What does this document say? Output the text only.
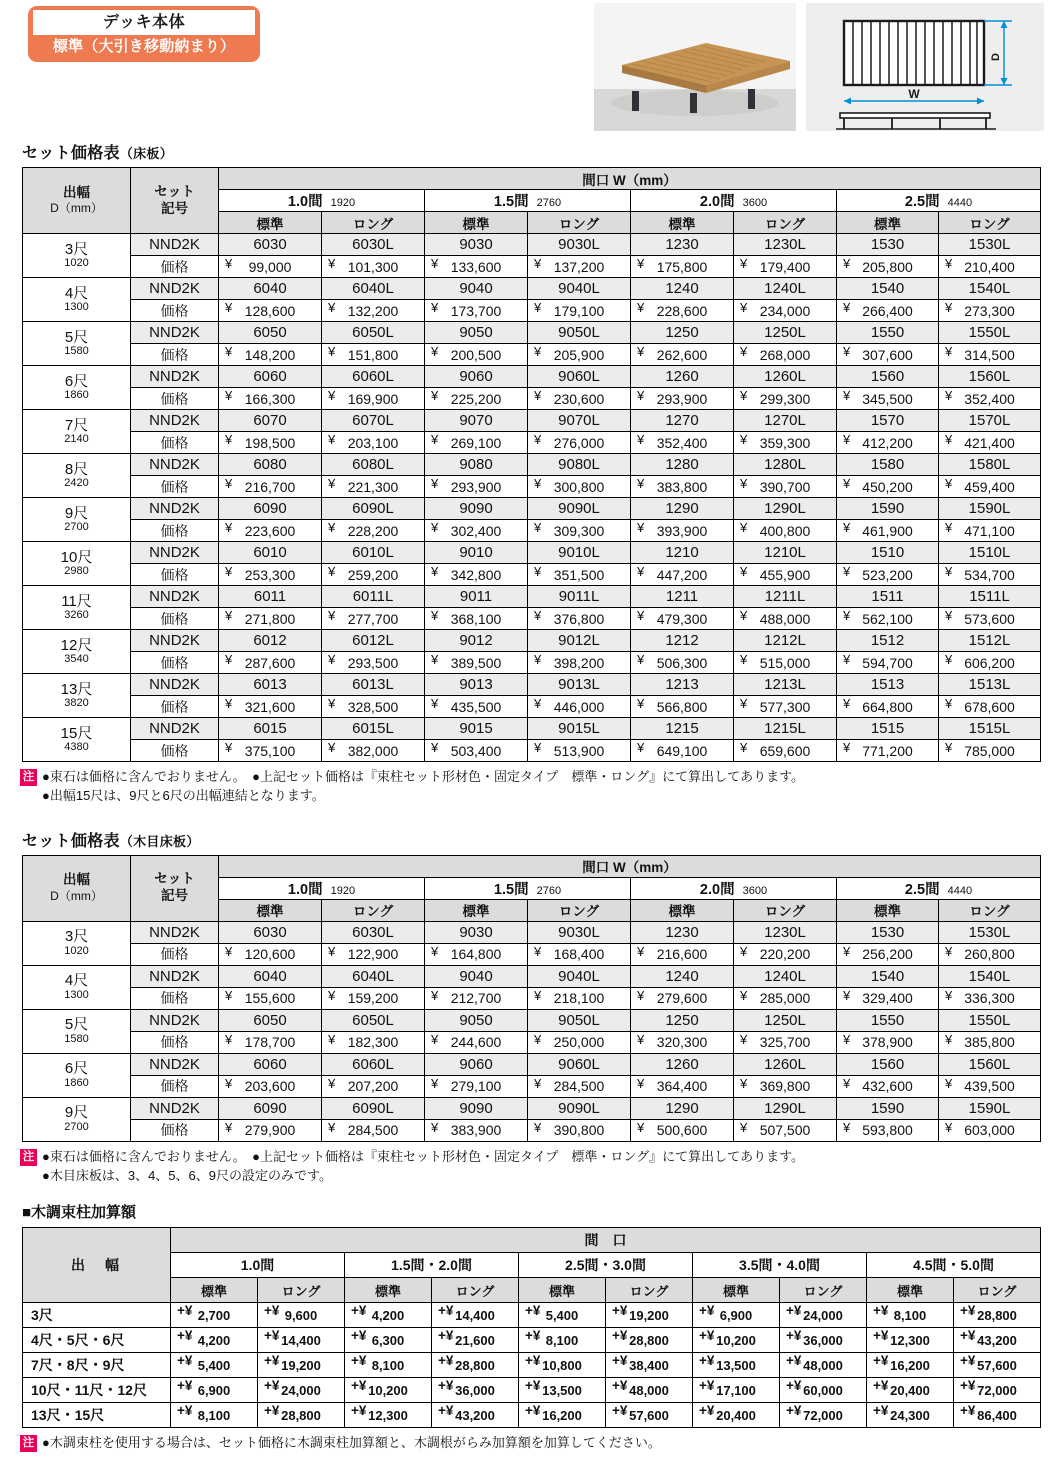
デッキ本体
標準（大引き移動納まり）
D
W
セット価格表（床板）
出幅
D（mm）

セット
記号
	間口 W（mm）
		1.0間 1920		1.5間 2760		2.0間 3600		2.5間 4440	
		標準	ロング	標準	ロング	標準	ロング	標準	ロング
3尺
1020	NND2K	6030	6030L	9030	9030L	1230	1230L	1530	1530L
	価格	¥ 99,000	¥ 101,300	¥ 133,600	¥ 137,200	¥ 175,800	¥ 179,400	¥ 205,800	¥ 210,400
4尺
1300	NND2K	6040	6040L	9040	9040L	1240	1240L	1540	1540L
	価格	¥ 128,600	¥ 132,200	¥ 173,700	¥ 179,100	¥ 228,600	¥ 234,000	¥ 266,400	¥ 273,300
5尺
1580	NND2K	6050	6050L	9050	9050L	1250	1250L	1550	1550L
	価格	¥ 148,200	¥ 151,800	¥ 200,500	¥ 205,900	¥ 262,600	¥ 268,000	¥ 307,600	¥ 314,500
6尺
1860	NND2K	6060	6060L	9060	9060L	1260	1260L	1560	1560L
	価格	¥ 166,300	¥ 169,900	¥ 225,200	¥ 230,600	¥ 293,900	¥ 299,300	¥ 345,500	¥ 352,400
7尺
2140	NND2K	6070	6070L	9070	9070L	1270	1270L	1570	1570L
	価格	¥ 198,500	¥ 203,100	¥ 269,100	¥ 276,000	¥ 352,400	¥ 359,300	¥ 412,200	¥ 421,400
8尺
2420	NND2K	6080	6080L	9080	9080L	1280	1280L	1580	1580L
	価格	¥ 216,700	¥ 221,300	¥ 293,900	¥ 300,800	¥ 383,800	¥ 390,700	¥ 450,200	¥ 459,400
9尺
2700	NND2K	6090	6090L	9090	9090L	1290	1290L	1590	1590L
	価格	¥ 223,600	¥ 228,200	¥ 302,400	¥ 309,300	¥ 393,900	¥ 400,800	¥ 461,900	¥ 471,100
10尺
2980	NND2K	6010	6010L	9010	9010L	1210	1210L	1510	1510L
	価格	¥ 253,300	¥ 259,200	¥ 342,800	¥ 351,500	¥ 447,200	¥ 455,900	¥ 523,200	¥ 534,700
11尺
3260	NND2K	6011	6011L	9011	9011L	1211	1211L	1511	1511L
	価格	¥ 271,800	¥ 277,700	¥ 368,100	¥ 376,800	¥ 479,300	¥ 488,000	¥ 562,100	¥ 573,600
12尺
3540	NND2K	6012	6012L	9012	9012L	1212	1212L	1512	1512L
	価格	¥ 287,600	¥ 293,500	¥ 389,500	¥ 398,200	¥ 506,300	¥ 515,000	¥ 594,700	¥ 606,200
13尺
3820	NND2K	6013	6013L	9013	9013L	1213	1213L	1513	1513L
	価格	¥ 321,600	¥ 328,500	¥ 435,500	¥ 446,000	¥ 566,800	¥ 577,300	¥ 664,800	¥ 678,600
15尺
4380	NND2K	6015	6015L	9015	9015L	1215	1215L	1515	1515L
	価格	¥ 375,100	¥ 382,000	¥ 503,400	¥ 513,900	¥ 649,100	¥ 659,600	¥ 771,200	¥ 785,000
注 ●束石は価格に含んでおりません。　●上記セット価格は『束柱セット形材色・固定タイプ　標準・ロング』にて算出してあります。
●出幅15尺は、9尺と6尺の出幅連結となります。
セット価格表（木目床板）
出幅
D（mm）

セット
記号
	間口 W（mm）
		1.0間 1920		1.5間 2760		2.0間 3600		2.5間 4440	
		標準	ロング	標準	ロング	標準	ロング	標準	ロング
3尺
1020	NND2K	6030	6030L	9030	9030L	1230	1230L	1530	1530L
	価格	¥ 120,600	¥ 122,900	¥ 164,800	¥ 168,400	¥ 216,600	¥ 220,200	¥ 256,200	¥ 260,800
4尺
1300	NND2K	6040	6040L	9040	9040L	1240	1240L	1540	1540L
	価格	¥ 155,600	¥ 159,200	¥ 212,700	¥ 218,100	¥ 279,600	¥ 285,000	¥ 329,400	¥ 336,300
5尺
1580	NND2K	6050	6050L	9050	9050L	1250	1250L	1550	1550L
	価格	¥ 178,700	¥ 182,300	¥ 244,600	¥ 250,000	¥ 320,300	¥ 325,700	¥ 378,900	¥ 385,800
6尺
1860	NND2K	6060	6060L	9060	9060L	1260	1260L	1560	1560L
	価格	¥ 203,600	¥ 207,200	¥ 279,100	¥ 284,500	¥ 364,400	¥ 369,800	¥ 432,600	¥ 439,500
9尺
2700	NND2K	6090	6090L	9090	9090L	1290	1290L	1590	1590L
	価格	¥ 279,900	¥ 284,500	¥ 383,900	¥ 390,800	¥ 500,600	¥ 507,500	¥ 593,800	¥ 603,000
注 ●束石は価格に含んでおりません。　●上記セット価格は『束柱セット形材色・固定タイプ　標準・ロング』にて算出してあります。
●木目床板は、3、4、5、6、9尺の設定のみです。
■木調束柱加算額
出　幅	間　口									
	1.0間		1.5間・2.0間		2.5間・3.0間		3.5間・4.0間		4.5間・5.0間	
	標準	ロング	標準	ロング	標準	ロング	標準	ロング	標準	ロング
3尺	+¥ 2,700	+¥ 9,600	+¥ 4,200	+¥ 14,400	+¥ 5,400	+¥ 19,200	+¥ 6,900	+¥ 24,000	+¥ 8,100	+¥ 28,800
4尺・5尺・6尺	+¥ 4,200	+¥ 14,400	+¥ 6,300	+¥ 21,600	+¥ 8,100	+¥ 28,800	+¥ 10,200	+¥ 36,000	+¥ 12,300	+¥ 43,200
7尺・8尺・9尺	+¥ 5,400	+¥ 19,200	+¥ 8,100	+¥ 28,800	+¥ 10,800	+¥ 38,400	+¥ 13,500	+¥ 48,000	+¥ 16,200	+¥ 57,600
10尺・11尺・12尺	+¥ 6,900	+¥ 24,000	+¥ 10,200	+¥ 36,000	+¥ 13,500	+¥ 48,000	+¥ 17,100	+¥ 60,000	+¥ 20,400	+¥ 72,000
13尺・15尺	+¥ 8,100	+¥ 28,800	+¥ 12,300	+¥ 43,200	+¥ 16,200	+¥ 57,600	+¥ 20,400	+¥ 72,000	+¥ 24,300	+¥ 86,400
注 ●木調束柱を使用する場合は、セット価格に木調束柱加算額と、木調根がらみ加算額を加算してください。
